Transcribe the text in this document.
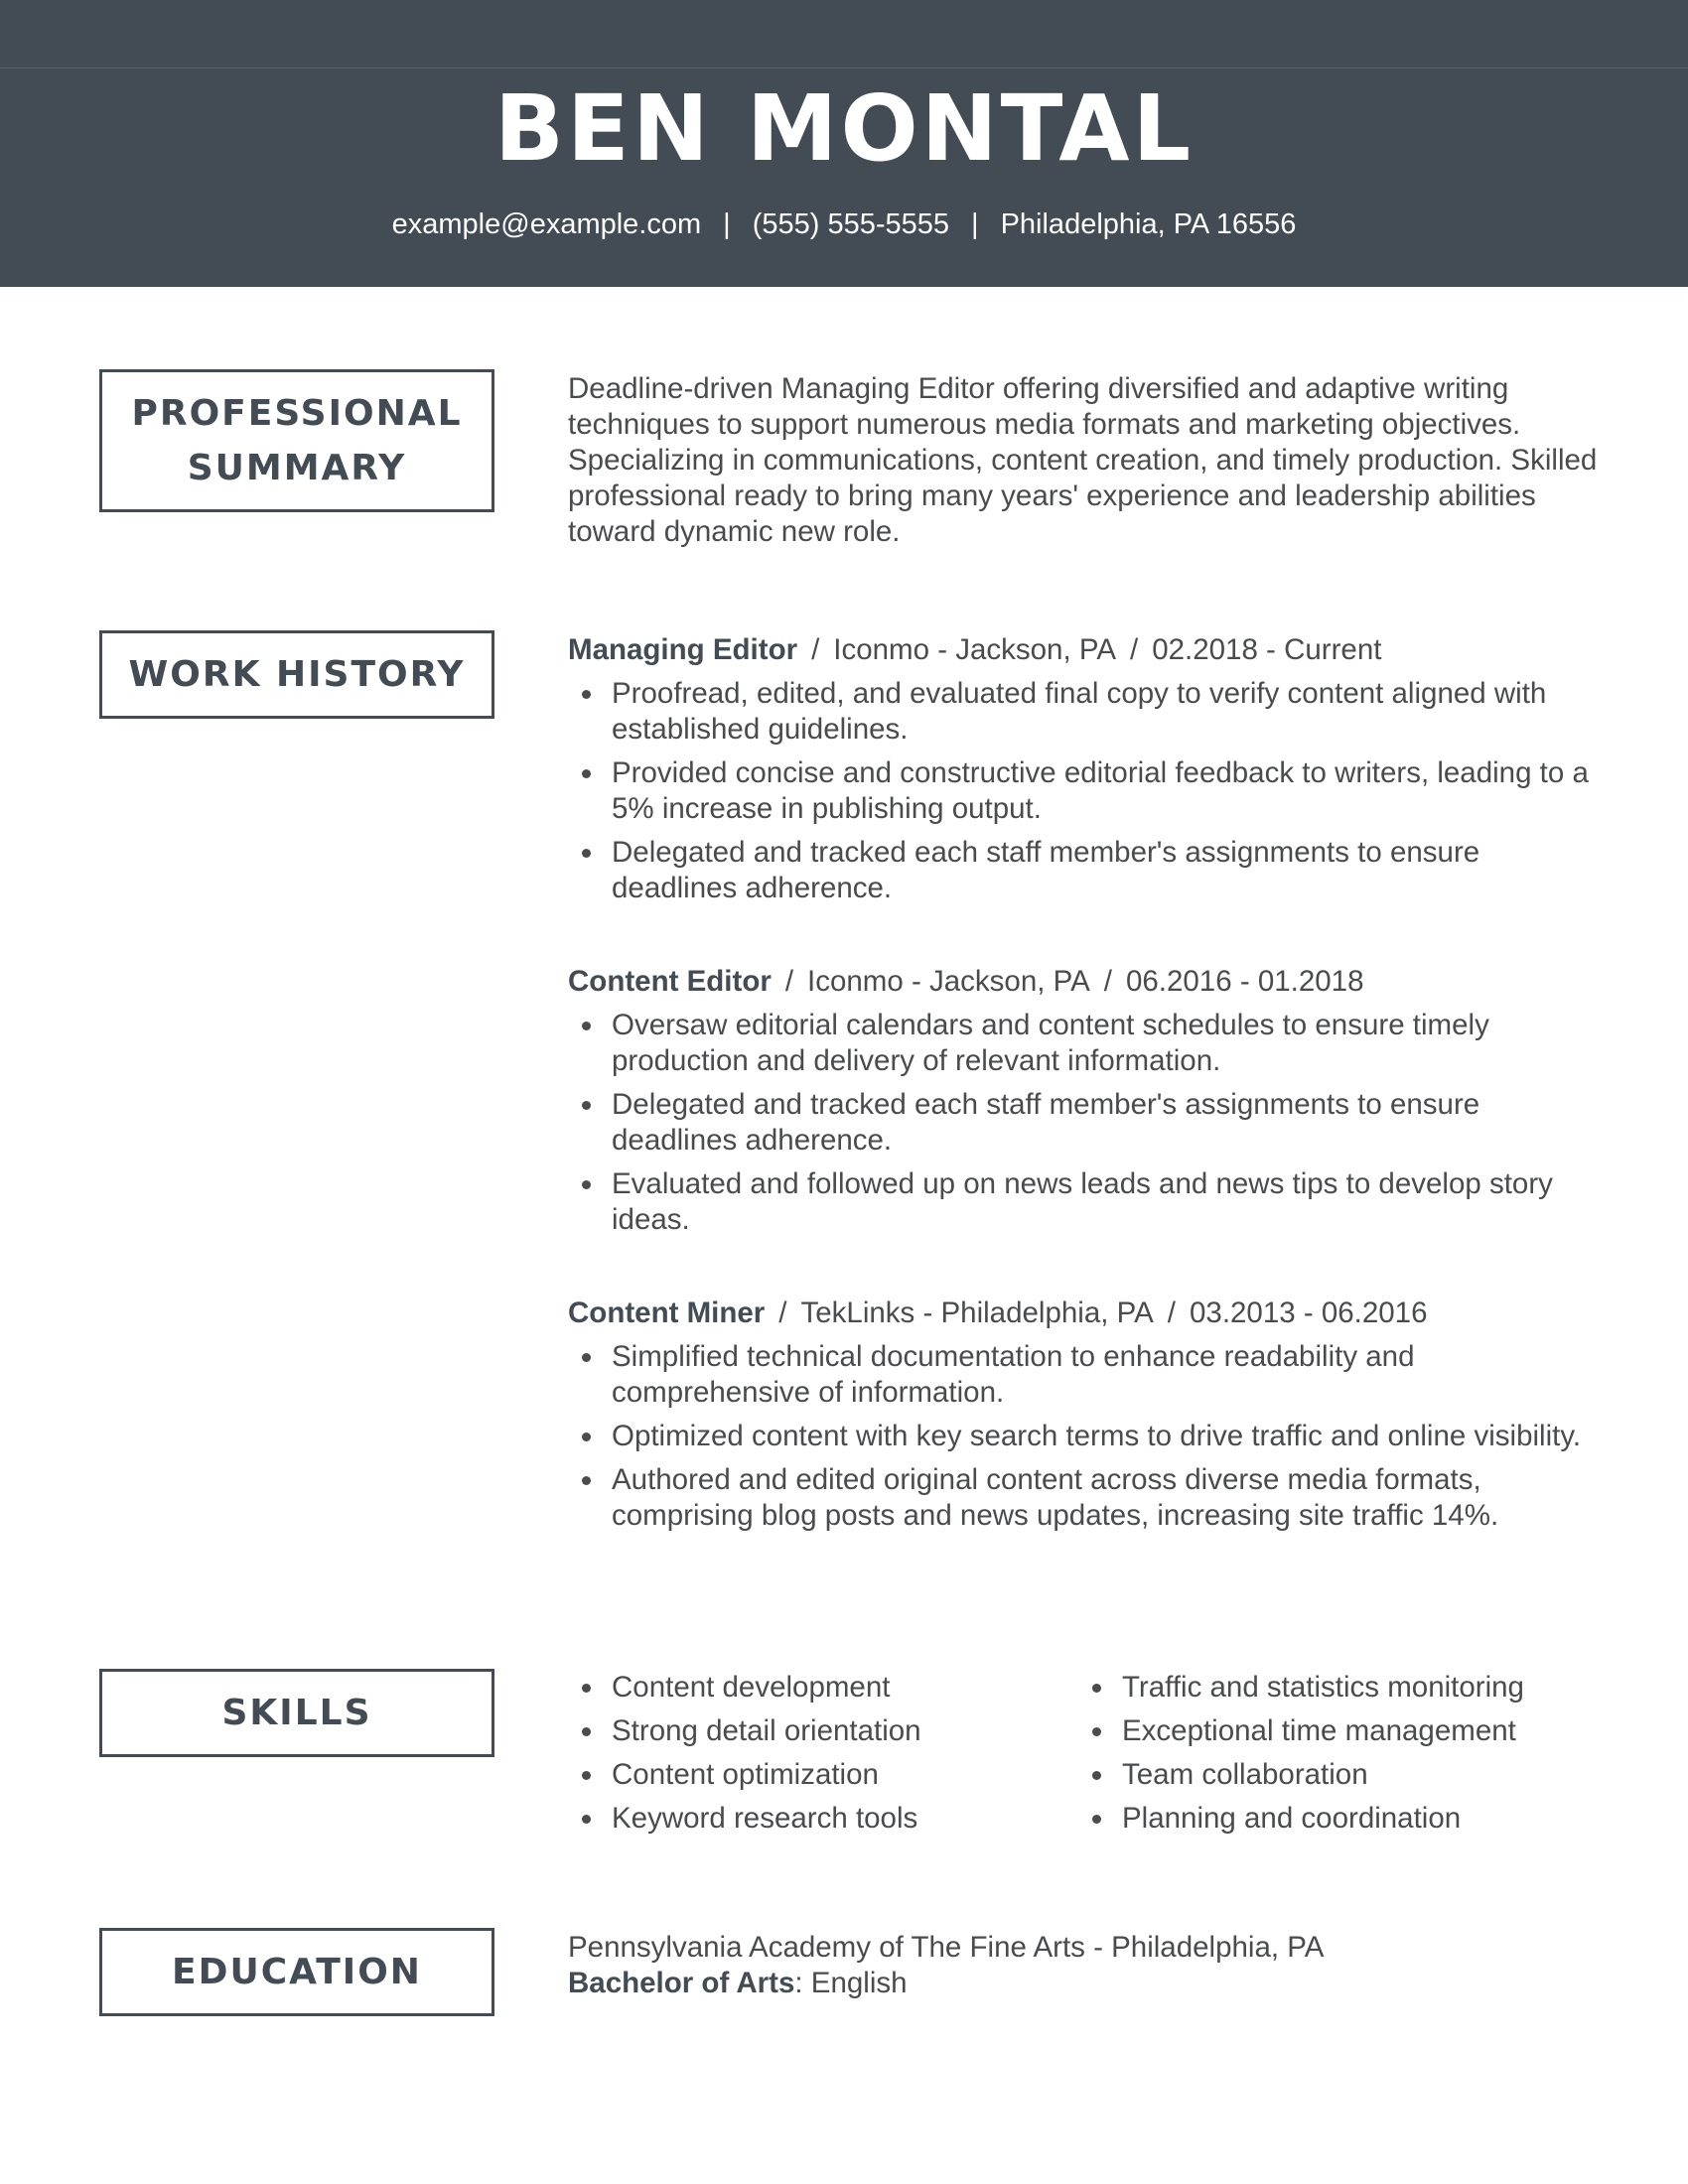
BEN MONTAL
example@example.com | (555) 555-5555 | Philadelphia, PA 16556
PROFESSIONAL
SUMMARY
WORK HISTORY
SKILLS
EDUCATION
Deadline-driven Managing Editor offering diversified and adaptive writing techniques to support numerous media formats and marketing objectives. Specializing in communications, content creation, and timely production. Skilled professional ready to bring many years' experience and leadership abilities toward dynamic new role.

Managing Editor / Iconmo - Jackson, PA / 02.2018 - Current

Proofread, edited, and evaluated final copy to verify content aligned with established guidelines.
Provided concise and constructive editorial feedback to writers, leading to a 5% increase in publishing output.
Delegated and tracked each staff member's assignments to ensure deadlines adherence.

Content Editor / Iconmo - Jackson, PA / 06.2016 - 01.2018

Oversaw editorial calendars and content schedules to ensure timely production and delivery of relevant information.
Delegated and tracked each staff member's assignments to ensure deadlines adherence.
Evaluated and followed up on news leads and news tips to develop story ideas.

Content Miner / TekLinks - Philadelphia, PA / 03.2013 - 06.2016

Simplified technical documentation to enhance readability and comprehensive of information.
Optimized content with key search terms to drive traffic and online visibility.
Authored and edited original content across diverse media formats, comprising blog posts and news updates, increasing site traffic 14%.
Content development
Strong detail orientation
Content optimization
Keyword research tools
Traffic and statistics monitoring
Exceptional time management
Team collaboration
Planning and coordination
Pennsylvania Academy of The Fine Arts - Philadelphia, PA
Bachelor of Arts: English
